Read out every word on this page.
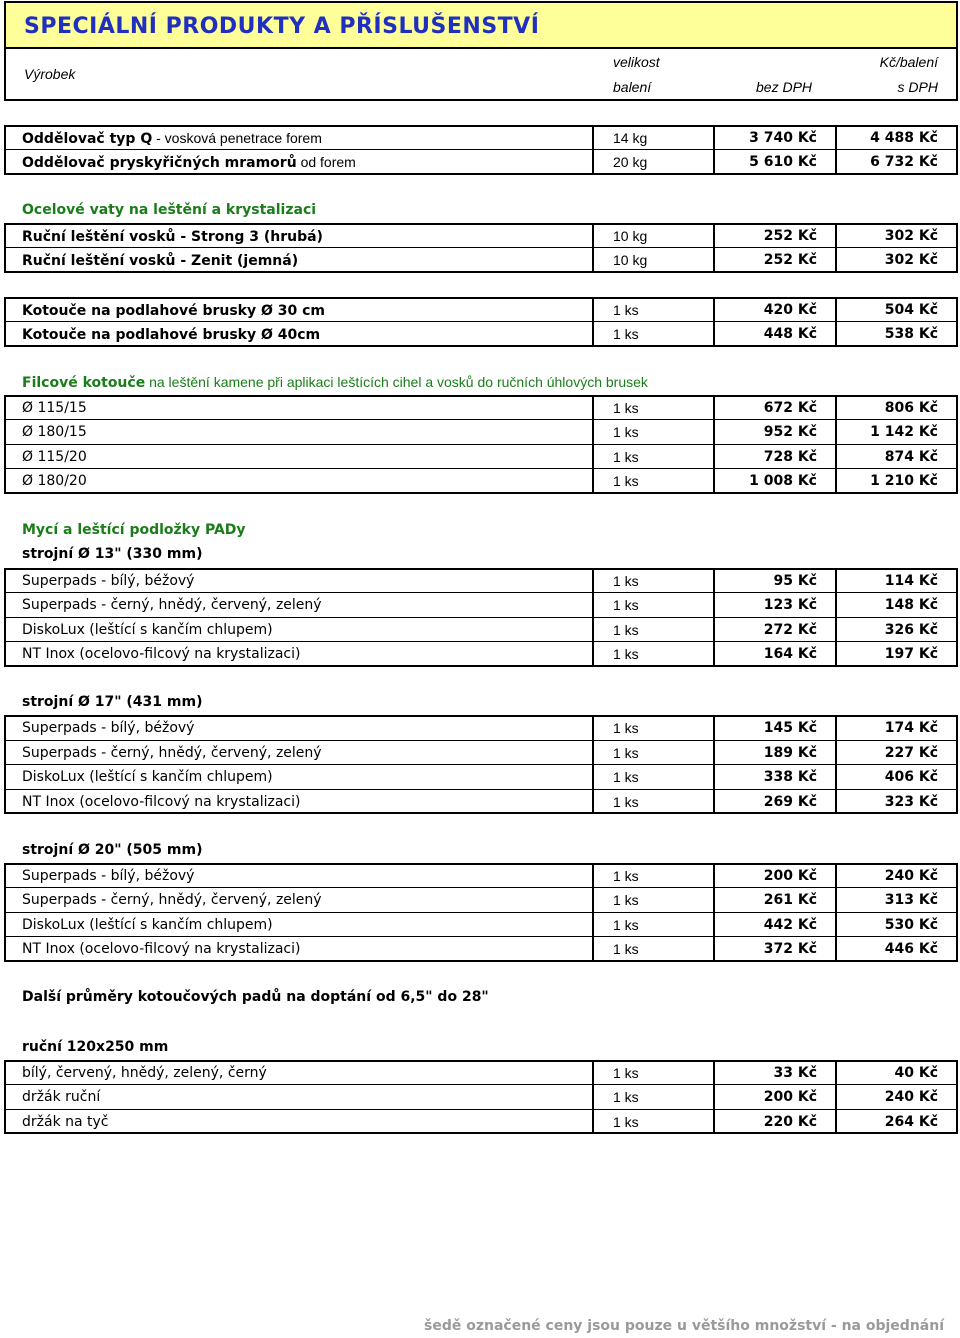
SPECIÁLNÍ PRODUKTY A PŘÍSLUŠENSTVÍ
Výrobek
velikost
balení
Kč/balení
bez DPH	s DPH
Oddělovač typ Q - vosková penetrace forem	14 kg	3 740 Kč	4 488 Kč
Oddělovač pryskyřičných mramorů od forem	20 kg	5 610 Kč	6 732 Kč
Ocelové vaty na leštění a krystalizaci
Ruční leštění vosků - Strong 3 (hrubá)	10 kg	252 Kč	302 Kč
Ruční leštění vosků - Zenit (jemná)	10 kg	252 Kč	302 Kč
Kotouče na podlahové brusky Ø 30 cm	1 ks	420 Kč	504 Kč
Kotouče na podlahové brusky Ø 40cm	1 ks	448 Kč	538 Kč
Filcové kotouče na leštění kamene při aplikaci leštících cihel a vosků do ručních úhlových brusek
Ø 115/15	1 ks	672 Kč	806 Kč
Ø 180/15	1 ks	952 Kč	1 142 Kč
Ø 115/20	1 ks	728 Kč	874 Kč
Ø 180/20	1 ks	1 008 Kč	1 210 Kč
Mycí a leštící podložky PADy
strojní Ø 13" (330 mm)
Superpads - bílý, béžový	1 ks	95 Kč	114 Kč
Superpads - černý, hnědý, červený, zelený	1 ks	123 Kč	148 Kč
DiskoLux (leštící s kančím chlupem)	1 ks	272 Kč	326 Kč
NT Inox (ocelovo-filcový na krystalizaci)	1 ks	164 Kč	197 Kč
strojní Ø 17" (431 mm)
Superpads - bílý, béžový	1 ks	145 Kč	174 Kč
Superpads - černý, hnědý, červený, zelený	1 ks	189 Kč	227 Kč
DiskoLux (leštící s kančím chlupem)	1 ks	338 Kč	406 Kč
NT Inox (ocelovo-filcový na krystalizaci)	1 ks	269 Kč	323 Kč
strojní Ø 20" (505 mm)
Superpads - bílý, béžový	1 ks	200 Kč	240 Kč
Superpads - černý, hnědý, červený, zelený	1 ks	261 Kč	313 Kč
DiskoLux (leštící s kančím chlupem)	1 ks	442 Kč	530 Kč
NT Inox (ocelovo-filcový na krystalizaci)	1 ks	372 Kč	446 Kč
Další průměry kotoučových padů na doptání od 6,5" do 28"
ruční 120x250 mm
bílý, červený, hnědý, zelený, černý	1 ks	33 Kč	40 Kč
držák ruční	1 ks	200 Kč	240 Kč
držák na tyč	1 ks	220 Kč	264 Kč
šedě označené ceny jsou pouze u většího množství - na objednání
